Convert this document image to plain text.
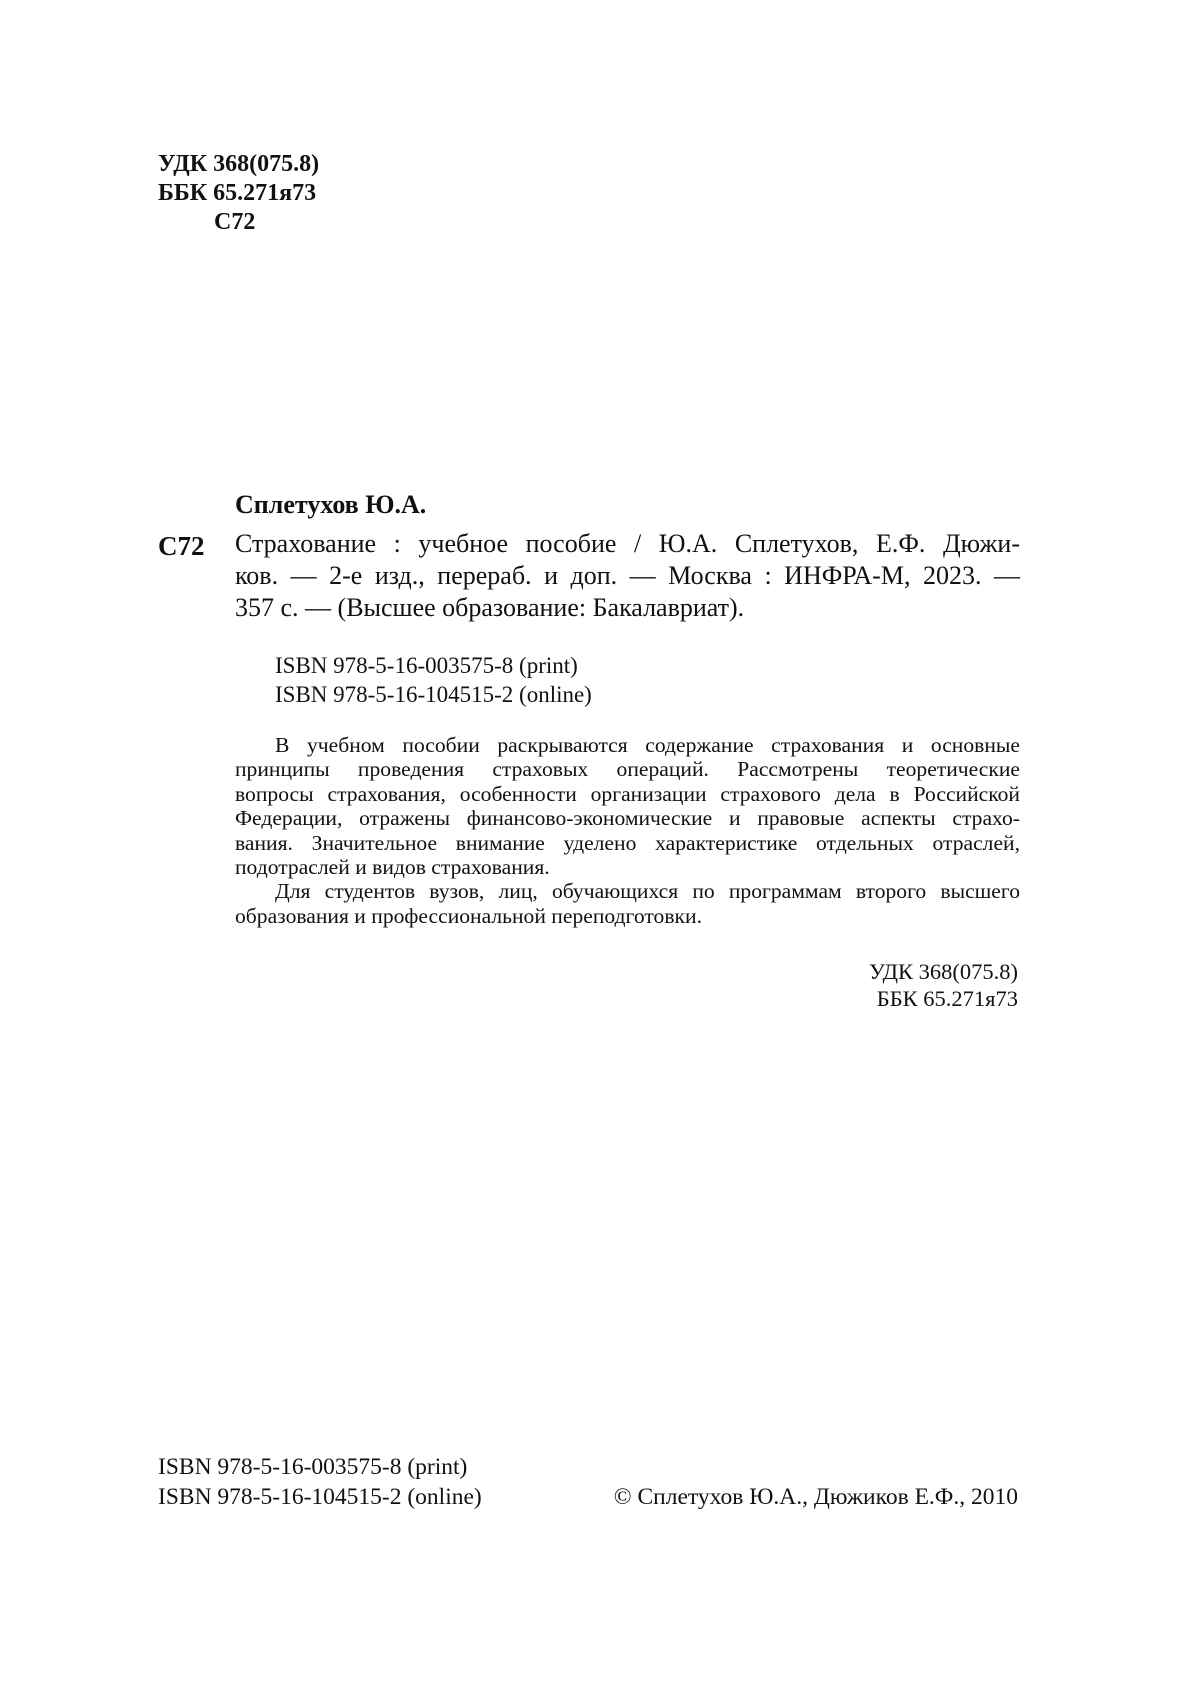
УДК 368(075.8)
ББК 65.271я73
С72
Сплетухов Ю.А.
С72 Страхование : учебное пособие / Ю.А. Сплетухов, Е.Ф. Дюжи-
ков. — 2-е изд., перераб. и доп. — Москва : ИНФРА-М, 2023. —
357 с. — (Высшее образование: Бакалавриат).
ISBN 978-5-16-003575-8 (print)
ISBN 978-5-16-104515-2 (online)
В учебном пособии раскрываются содержание страхования и основные
принципы проведения страховых операций. Рассмотрены теоретические
вопросы страхования, особенности организации страхового дела в Российской
Федерации, отражены финансово-экономические и правовые аспекты страхо-
вания. Значительное внимание уделено характеристике отдельных отраслей,
подотраслей и видов страхования.
Для студентов вузов, лиц, обучающихся по программам второго высшего
образования и профессиональной переподготовки.
УДК 368(075.8)
ББК 65.271я73
ISBN 978-5-16-003575-8 (print)
ISBN 978-5-16-104515-2 (online)	© Сплетухов Ю.А., Дюжиков Е.Ф., 2010
